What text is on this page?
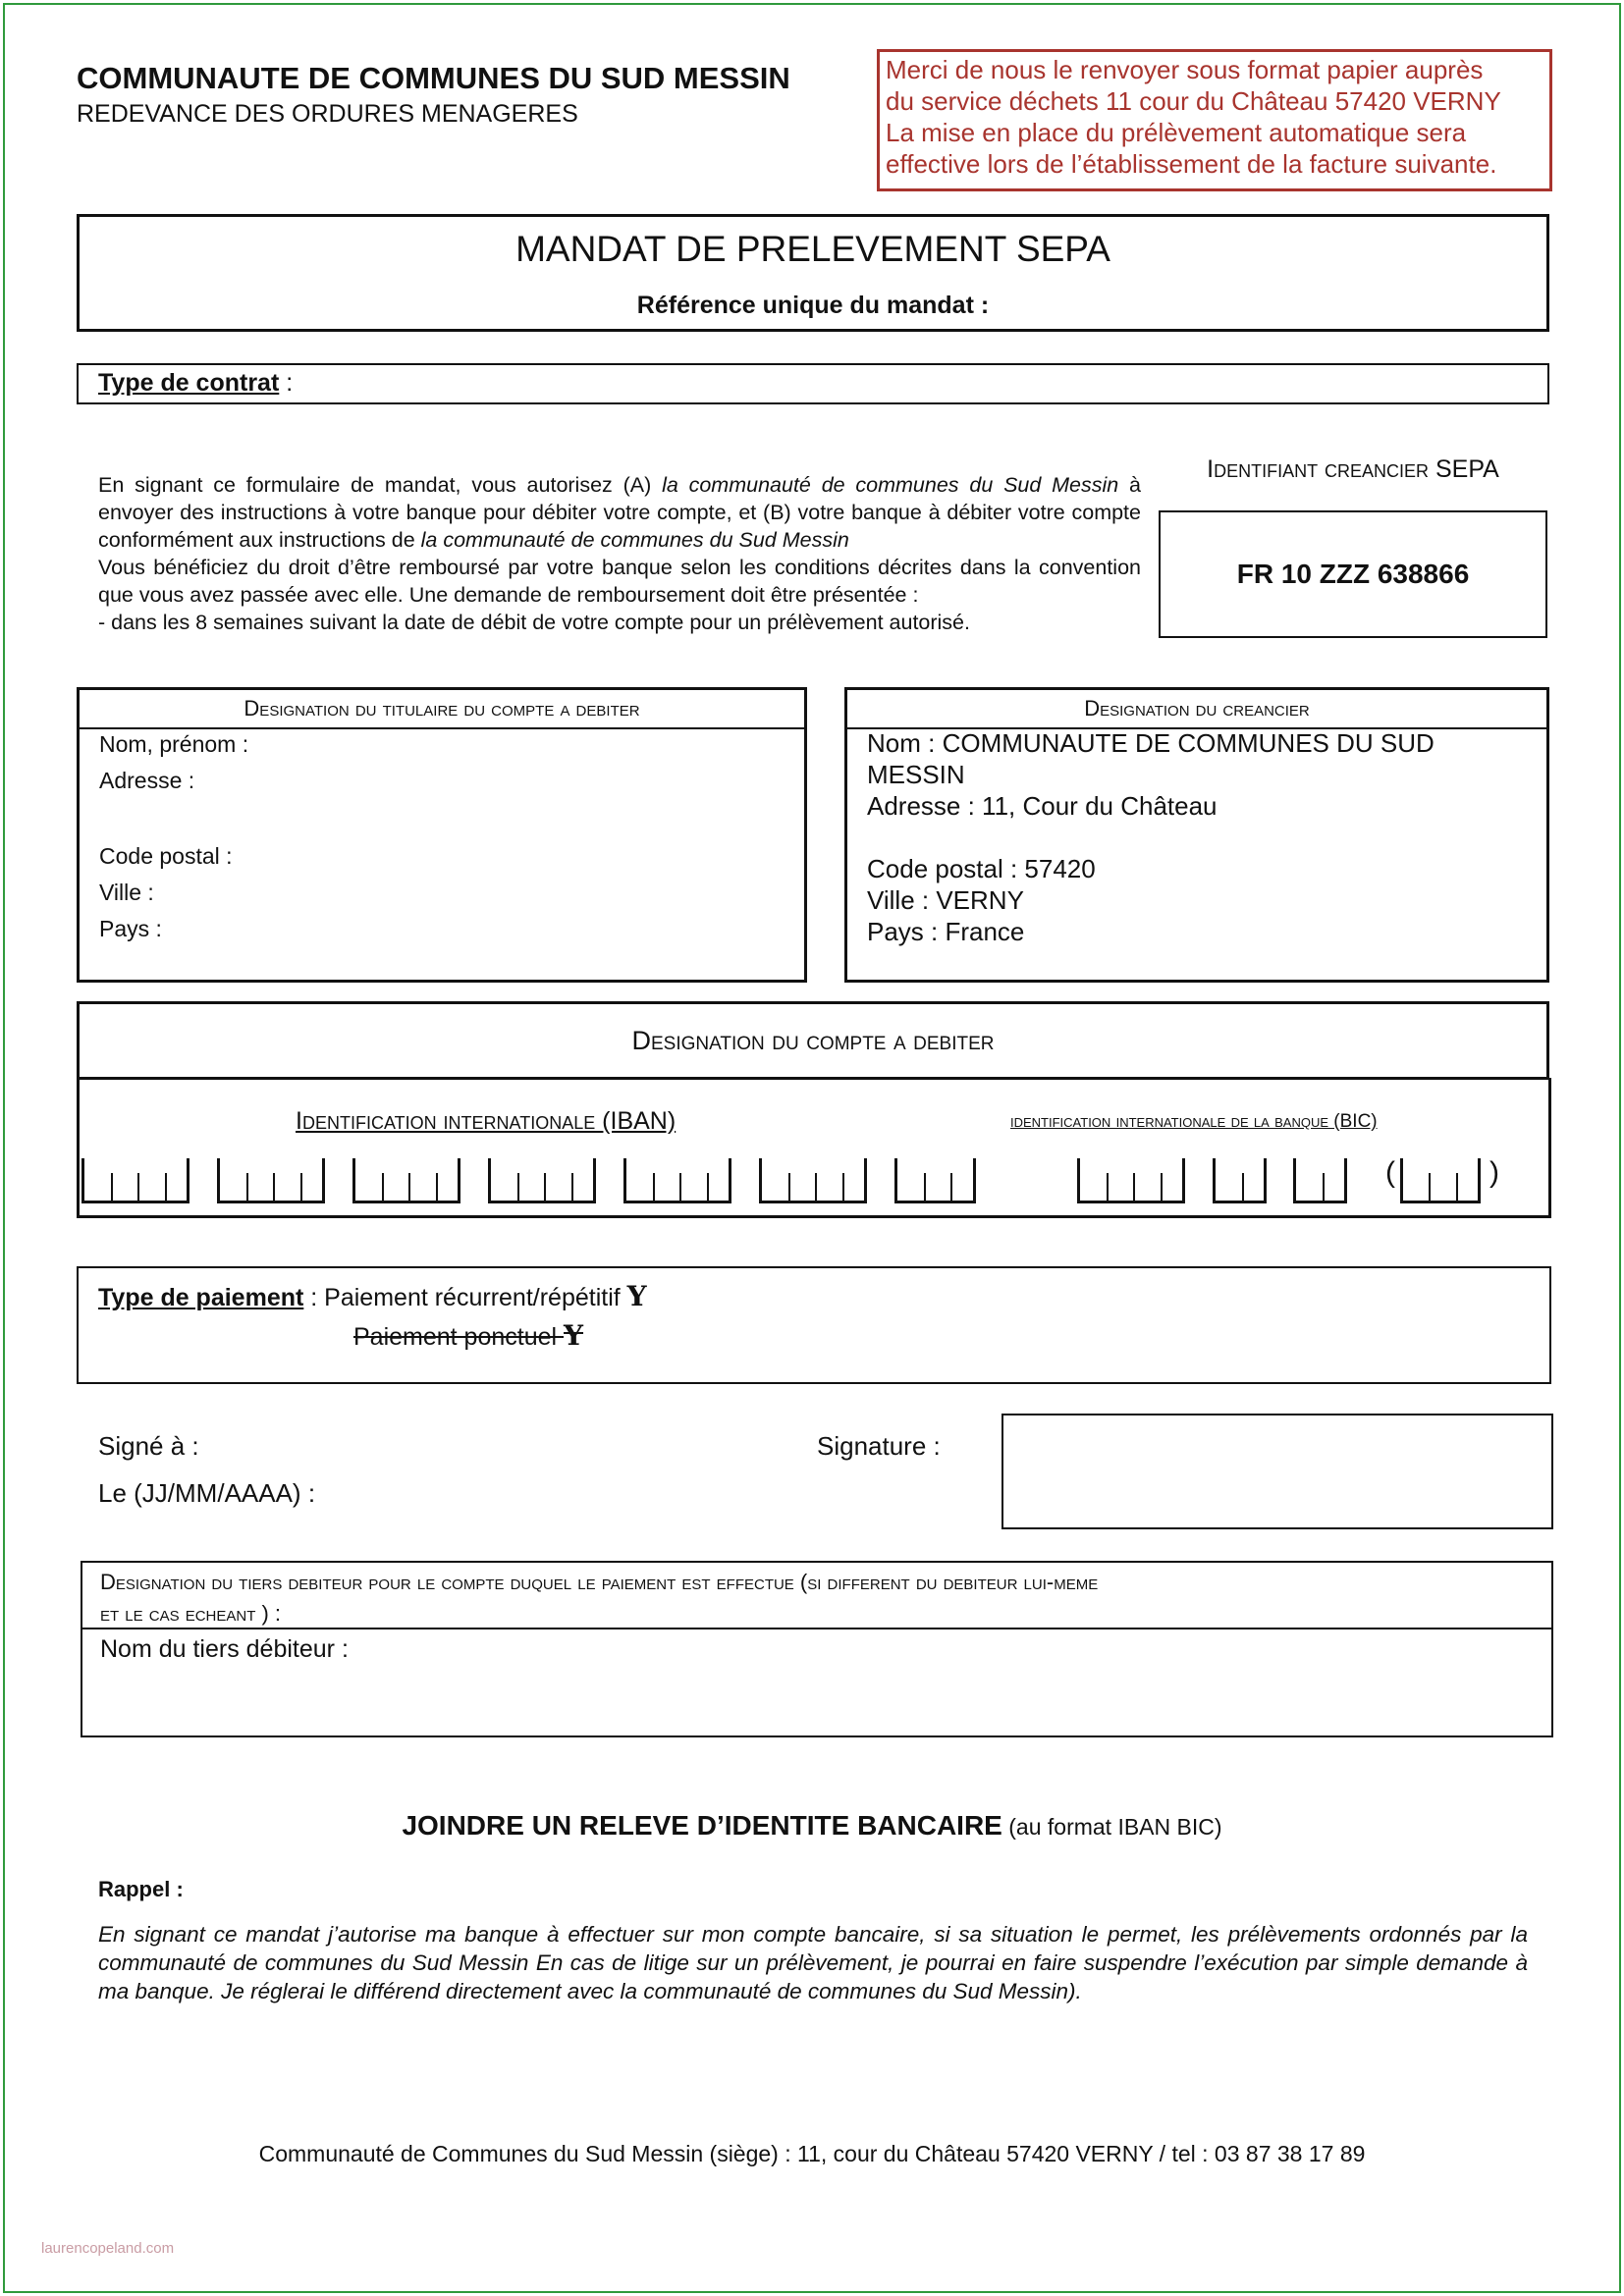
COMMUNAUTE DE COMMUNES DU SUD MESSIN
REDEVANCE DES ORDURES MENAGERES
Merci de nous le renvoyer sous format papier auprès
du service déchets 11 cour du Château 57420 VERNY
La mise en place du prélèvement automatique sera
effective lors de l’établissement de la facture suivante.
MANDAT DE PRELEVEMENT SEPA
Référence unique du mandat :
Type de contrat :
En signant ce formulaire de mandat, vous autorisez (A) la communauté de communes du Sud Messin à envoyer des instructions à votre banque pour débiter votre compte, et (B) votre banque à débiter votre compte conformément aux instructions de la communauté de communes du Sud Messin
Vous bénéficiez du droit d’être remboursé par votre banque selon les conditions décrites dans la convention que vous avez passée avec elle. Une demande de remboursement doit être présentée :
- dans les 8 semaines suivant la date de débit de votre compte pour un prélèvement autorisé.
Identifiant creancier SEPA
FR 10 ZZZ 638866
Designation du titulaire du compte a debiter
Nom, prénom :
Adresse :
Code postal :
Ville :
Pays :
Designation du creancier
Nom : COMMUNAUTE DE COMMUNES DU SUD
MESSIN
Adresse : 11, Cour du Château
Code postal : 57420
Ville : VERNY
Pays : France
Designation du compte a debiter
Identification internationale (IBAN)	identification internationale de la banque (BIC)
(	)
Type de paiement : Paiement récurrent/répétitif Y
Paiement ponctuel Y
Signé à :
Le (JJ/MM/AAAA) :
Signature :
Designation du tiers debiteur pour le compte duquel le paiement est effectue (si different du debiteur lui-meme
et le cas echeant ) :
Nom du tiers débiteur :
JOINDRE UN RELEVE D’IDENTITE BANCAIRE (au format IBAN BIC)
Rappel :
En signant ce mandat j’autorise ma banque à effectuer sur mon compte bancaire, si sa situation le permet, les prélèvements ordonnés par la communauté de communes du Sud Messin En cas de litige sur un prélèvement, je pourrai en faire suspendre l’exécution par simple demande à ma banque. Je réglerai le différend directement avec la communauté de communes du Sud Messin).
Communauté de Communes du Sud Messin (siège) : 11, cour du Château 57420 VERNY / tel : 03 87 38 17 89
laurencopeland.com
